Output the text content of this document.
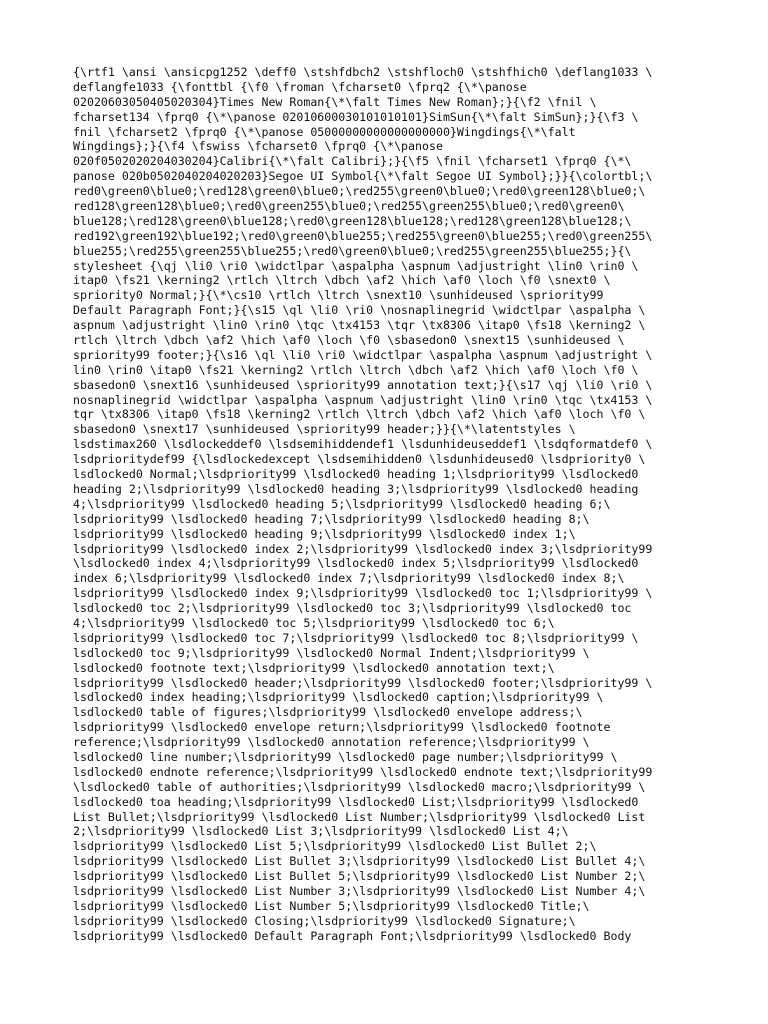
{\rtf1 \ansi \ansicpg1252 \deff0 \stshfdbch2 \stshfloch0 \stshfhich0 \deflang1033 \
deflangfe1033 {\fonttbl {\f0 \froman \fcharset0 \fprq2 {\*\panose
02020603050405020304}Times New Roman{\*\falt Times New Roman};}{\f2 \fnil \
fcharset134 \fprq0 {\*\panose 02010600030101010101}SimSun{\*\falt SimSun};}{\f3 \
fnil \fcharset2 \fprq0 {\*\panose 05000000000000000000}Wingdings{\*\falt
Wingdings};}{\f4 \fswiss \fcharset0 \fprq0 {\*\panose
020f0502020204030204}Calibri{\*\falt Calibri};}{\f5 \fnil \fcharset1 \fprq0 {\*\
panose 020b0502040204020203}Segoe UI Symbol{\*\falt Segoe UI Symbol};}}{\colortbl;\
red0\green0\blue0;\red128\green0\blue0;\red255\green0\blue0;\red0\green128\blue0;\
red128\green128\blue0;\red0\green255\blue0;\red255\green255\blue0;\red0\green0\
blue128;\red128\green0\blue128;\red0\green128\blue128;\red128\green128\blue128;\
red192\green192\blue192;\red0\green0\blue255;\red255\green0\blue255;\red0\green255\
blue255;\red255\green255\blue255;\red0\green0\blue0;\red255\green255\blue255;}{\
stylesheet {\qj \li0 \ri0 \widctlpar \aspalpha \aspnum \adjustright \lin0 \rin0 \
itap0 \fs21 \kerning2 \rtlch \ltrch \dbch \af2 \hich \af0 \loch \f0 \snext0 \
spriority0 Normal;}{\*\cs10 \rtlch \ltrch \snext10 \sunhideused \spriority99
Default Paragraph Font;}{\s15 \ql \li0 \ri0 \nosnaplinegrid \widctlpar \aspalpha \
aspnum \adjustright \lin0 \rin0 \tqc \tx4153 \tqr \tx8306 \itap0 \fs18 \kerning2 \
rtlch \ltrch \dbch \af2 \hich \af0 \loch \f0 \sbasedon0 \snext15 \sunhideused \
spriority99 footer;}{\s16 \ql \li0 \ri0 \widctlpar \aspalpha \aspnum \adjustright \
lin0 \rin0 \itap0 \fs21 \kerning2 \rtlch \ltrch \dbch \af2 \hich \af0 \loch \f0 \
sbasedon0 \snext16 \sunhideused \spriority99 annotation text;}{\s17 \qj \li0 \ri0 \
nosnaplinegrid \widctlpar \aspalpha \aspnum \adjustright \lin0 \rin0 \tqc \tx4153 \
tqr \tx8306 \itap0 \fs18 \kerning2 \rtlch \ltrch \dbch \af2 \hich \af0 \loch \f0 \
sbasedon0 \snext17 \sunhideused \spriority99 header;}}{\*\latentstyles \
lsdstimax260 \lsdlockeddef0 \lsdsemihiddendef1 \lsdunhideuseddef1 \lsdqformatdef0 \
lsdprioritydef99 {\lsdlockedexcept \lsdsemihidden0 \lsdunhideused0 \lsdpriority0 \
lsdlocked0 Normal;\lsdpriority99 \lsdlocked0 heading 1;\lsdpriority99 \lsdlocked0
heading 2;\lsdpriority99 \lsdlocked0 heading 3;\lsdpriority99 \lsdlocked0 heading
4;\lsdpriority99 \lsdlocked0 heading 5;\lsdpriority99 \lsdlocked0 heading 6;\
lsdpriority99 \lsdlocked0 heading 7;\lsdpriority99 \lsdlocked0 heading 8;\
lsdpriority99 \lsdlocked0 heading 9;\lsdpriority99 \lsdlocked0 index 1;\
lsdpriority99 \lsdlocked0 index 2;\lsdpriority99 \lsdlocked0 index 3;\lsdpriority99
\lsdlocked0 index 4;\lsdpriority99 \lsdlocked0 index 5;\lsdpriority99 \lsdlocked0
index 6;\lsdpriority99 \lsdlocked0 index 7;\lsdpriority99 \lsdlocked0 index 8;\
lsdpriority99 \lsdlocked0 index 9;\lsdpriority99 \lsdlocked0 toc 1;\lsdpriority99 \
lsdlocked0 toc 2;\lsdpriority99 \lsdlocked0 toc 3;\lsdpriority99 \lsdlocked0 toc
4;\lsdpriority99 \lsdlocked0 toc 5;\lsdpriority99 \lsdlocked0 toc 6;\
lsdpriority99 \lsdlocked0 toc 7;\lsdpriority99 \lsdlocked0 toc 8;\lsdpriority99 \
lsdlocked0 toc 9;\lsdpriority99 \lsdlocked0 Normal Indent;\lsdpriority99 \
lsdlocked0 footnote text;\lsdpriority99 \lsdlocked0 annotation text;\
lsdpriority99 \lsdlocked0 header;\lsdpriority99 \lsdlocked0 footer;\lsdpriority99 \
lsdlocked0 index heading;\lsdpriority99 \lsdlocked0 caption;\lsdpriority99 \
lsdlocked0 table of figures;\lsdpriority99 \lsdlocked0 envelope address;\
lsdpriority99 \lsdlocked0 envelope return;\lsdpriority99 \lsdlocked0 footnote
reference;\lsdpriority99 \lsdlocked0 annotation reference;\lsdpriority99 \
lsdlocked0 line number;\lsdpriority99 \lsdlocked0 page number;\lsdpriority99 \
lsdlocked0 endnote reference;\lsdpriority99 \lsdlocked0 endnote text;\lsdpriority99
\lsdlocked0 table of authorities;\lsdpriority99 \lsdlocked0 macro;\lsdpriority99 \
lsdlocked0 toa heading;\lsdpriority99 \lsdlocked0 List;\lsdpriority99 \lsdlocked0
List Bullet;\lsdpriority99 \lsdlocked0 List Number;\lsdpriority99 \lsdlocked0 List
2;\lsdpriority99 \lsdlocked0 List 3;\lsdpriority99 \lsdlocked0 List 4;\
lsdpriority99 \lsdlocked0 List 5;\lsdpriority99 \lsdlocked0 List Bullet 2;\
lsdpriority99 \lsdlocked0 List Bullet 3;\lsdpriority99 \lsdlocked0 List Bullet 4;\
lsdpriority99 \lsdlocked0 List Bullet 5;\lsdpriority99 \lsdlocked0 List Number 2;\
lsdpriority99 \lsdlocked0 List Number 3;\lsdpriority99 \lsdlocked0 List Number 4;\
lsdpriority99 \lsdlocked0 List Number 5;\lsdpriority99 \lsdlocked0 Title;\
lsdpriority99 \lsdlocked0 Closing;\lsdpriority99 \lsdlocked0 Signature;\
lsdpriority99 \lsdlocked0 Default Paragraph Font;\lsdpriority99 \lsdlocked0 Body
